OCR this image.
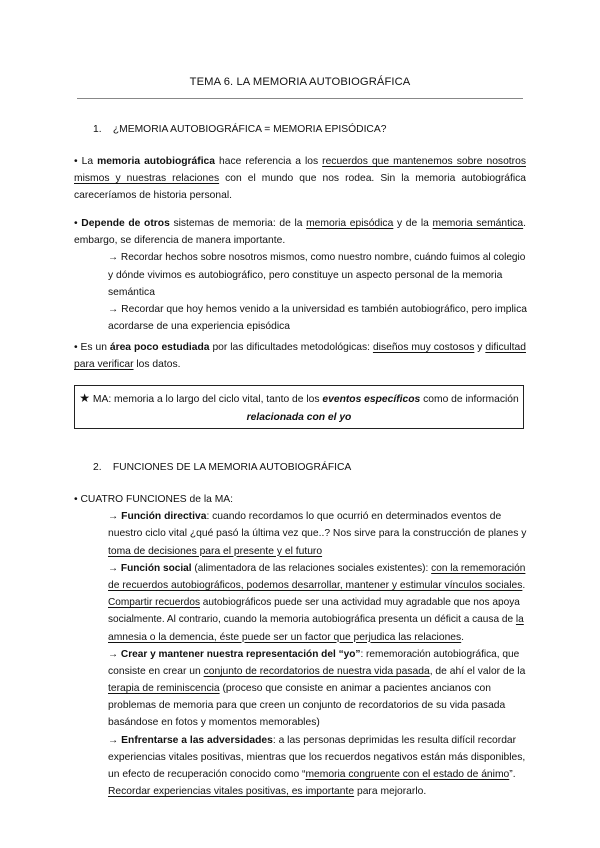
TEMA 6. LA MEMORIA AUTOBIOGRÁFICA
1. ¿MEMORIA AUTOBIOGRÁFICA = MEMORIA EPISÓDICA?
• La memoria autobiográfica hace referencia a los recuerdos que mantenemos sobre nosotros
mismos y nuestras relaciones con el mundo que nos rodea. Sin la memoria autobiográfica
careceríamos de historia personal.
• Depende de otros sistemas de memoria: de la memoria episódica y de la memoria semántica.
embargo, se diferencia de manera importante.
→ Recordar hechos sobre nosotros mismos, como nuestro nombre, cuándo fuimos al colegio
y dónde vivimos es autobiográfico, pero constituye un aspecto personal de la memoria
semántica
→ Recordar que hoy hemos venido a la universidad es también autobiográfico, pero implica
acordarse de una experiencia episódica
• Es un área poco estudiada por las dificultades metodológicas: diseños muy costosos y dificultad
para verificar los datos.
★ MA: memoria a lo largo del ciclo vital, tanto de los eventos específicos como de información
relacionada con el yo
2. FUNCIONES DE LA MEMORIA AUTOBIOGRÁFICA
• CUATRO FUNCIONES de la MA:
→ Función directiva: cuando recordamos lo que ocurrió en determinados eventos de
nuestro ciclo vital ¿qué pasó la última vez que..? Nos sirve para la construcción de planes y
toma de decisiones para el presente y el futuro
→ Función social (alimentadora de las relaciones sociales existentes): con la rememoración
de recuerdos autobiográficos, podemos desarrollar, mantener y estimular vínculos sociales.
Compartir recuerdos autobiográficos puede ser una actividad muy agradable que nos apoya
socialmente. Al contrario, cuando la memoria autobiográfica presenta un déficit a causa de la
amnesia o la demencia, éste puede ser un factor que perjudica las relaciones.
→ Crear y mantener nuestra representación del “yo”: rememoración autobiográfica, que
consiste en crear un conjunto de recordatorios de nuestra vida pasada, de ahí el valor de la
terapia de reminiscencia (proceso que consiste en animar a pacientes ancianos con
problemas de memoria para que creen un conjunto de recordatorios de su vida pasada
basándose en fotos y momentos memorables)
→ Enfrentarse a las adversidades: a las personas deprimidas les resulta difícil recordar
experiencias vitales positivas, mientras que los recuerdos negativos están más disponibles,
un efecto de recuperación conocido como “memoria congruente con el estado de ánimo”.
Recordar experiencias vitales positivas, es importante para mejorarlo.
